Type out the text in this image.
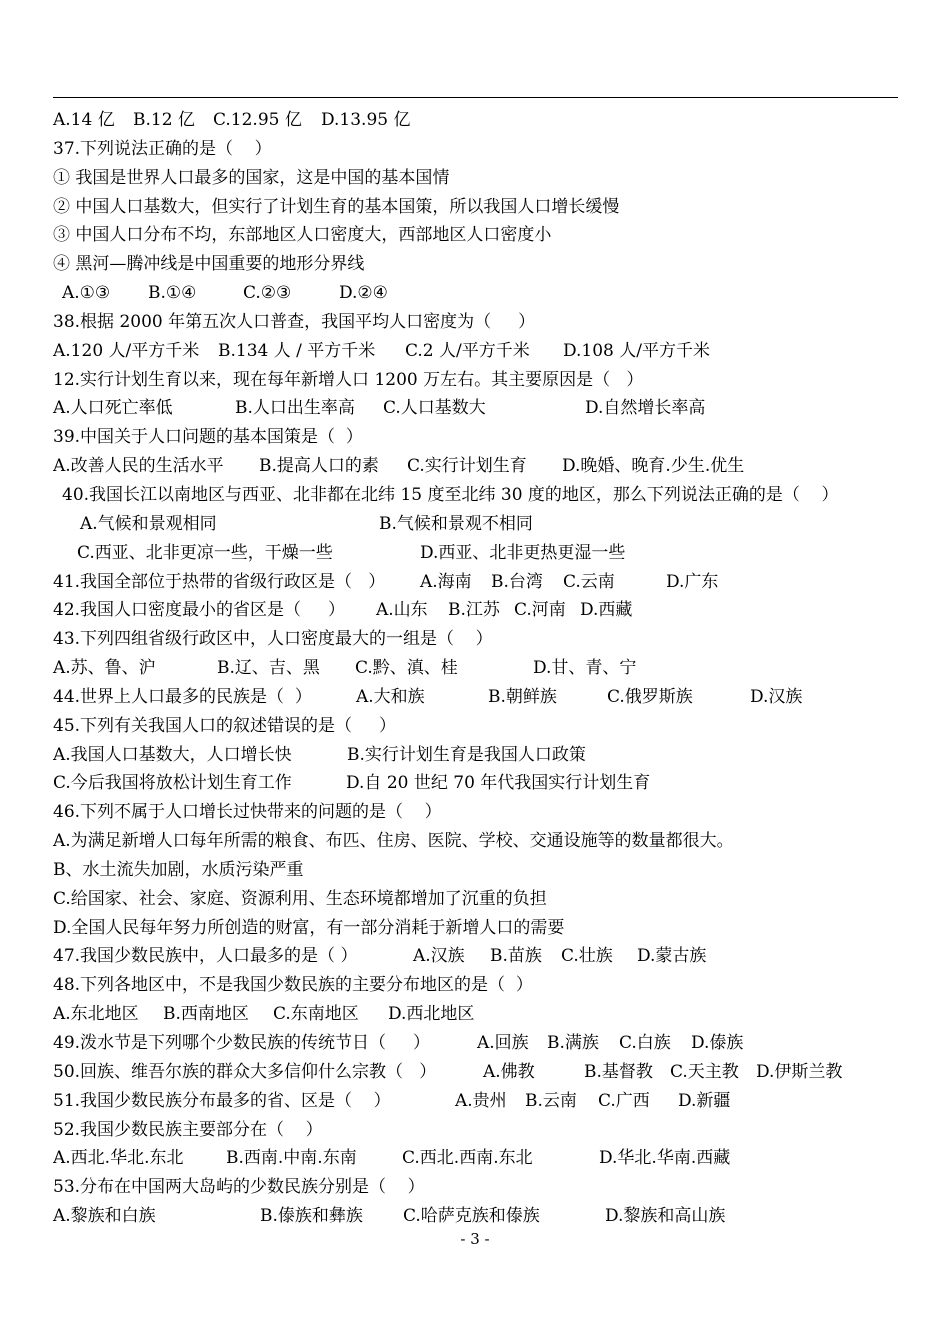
A.14 亿 B.12 亿 C.12.95 亿 D.13.95 亿
37.下列说法正确的是（    ）
① 我国是世界人口最多的国家，这是中国的基本国情
② 中国人口基数大，但实行了计划生育的基本国策，所以我国人口增长缓慢
③ 中国人口分布不均，东部地区人口密度大，西部地区人口密度小
④ 黑河—腾冲线是中国重要的地形分界线
A.①③ B.①④	C.②③	D.②④
38.根据 2000 年第五次人口普查，我国平均人口密度为（     ）
A.120 人/平方千米 B.134 人 / 平方千米 C.2 人/平方千米 D.108 人/平方千米
12.实行计划生育以来，现在每年新增人口 1200 万左右。其主要原因是（   ）
A.人口死亡率低	B.人口出生率高 C.人口基数大	D.自然增长率高
39.中国关于人口问题的基本国策是（  ）
A.改善人民的生活水平 B.提高人口的素 C.实行计划生育 D.晚婚、晚育.少生.优生
40.我国长江以南地区与西亚、北非都在北纬 15 度至北纬 30 度的地区，那么下列说法正确的是（    ）
A.气候和景观相同	B.气候和景观不相同
C.西亚、北非更凉一些，干燥一些	D.西亚、北非更热更湿一些
41.我国全部位于热带的省级行政区是（   ） A.海南 B.台湾 C.云南	D.广东
42.我国人口密度最小的省区是（     ） A.山东 B.江苏 C.河南 D.西藏
43.下列四组省级行政区中，人口密度最大的一组是（    ）
A.苏、鲁、沪	B.辽、吉、黑 C.黔、滇、桂	D.甘、青、宁
44.世界上人口最多的民族是（  ）	A.大和族	B.朝鲜族	C.俄罗斯族	D.汉族
45.下列有关我国人口的叙述错误的是（     ）
A.我国人口基数大，人口增长快	B.实行计划生育是我国人口政策
C.今后我国将放松计划生育工作	D.自 20 世纪 70 年代我国实行计划生育
46.下列不属于人口增长过快带来的问题的是（    ）
A.为满足新增人口每年所需的粮食、布匹、住房、医院、学校、交通设施等的数量都很大。
B、水土流失加剧，水质污染严重
C.给国家、社会、家庭、资源利用、生态环境都增加了沉重的负担
D.全国人民每年努力所创造的财富，有一部分消耗于新增人口的需要
47.我国少数民族中，人口最多的是（ ）	A.汉族 B.苗族 C.壮族 D.蒙古族
48.下列各地区中，不是我国少数民族的主要分布地区的是（  ）
A.东北地区 B.西南地区 C.东南地区 D.西北地区
49.泼水节是下列哪个少数民族的传统节日（     ）	A.回族 B.满族 C.白族 D.傣族
50.回族、维吾尔族的群众大多信仰什么宗教（   ）	A.佛教	B.基督教 C.天主教 D.伊斯兰教
51.我国少数民族分布最多的省、区是（    ）	A.贵州 B.云南 C.广西 D.新疆
52.我国少数民族主要部分在（    ）
A.西北.华北.东北	B.西南.中南.东南	C.西北.西南.东北	D.华北.华南.西藏
53.分布在中国两大岛屿的少数民族分别是（    ）
A.黎族和白族	B.傣族和彝族 C.哈萨克族和傣族	D.黎族和高山族
- 3 -
